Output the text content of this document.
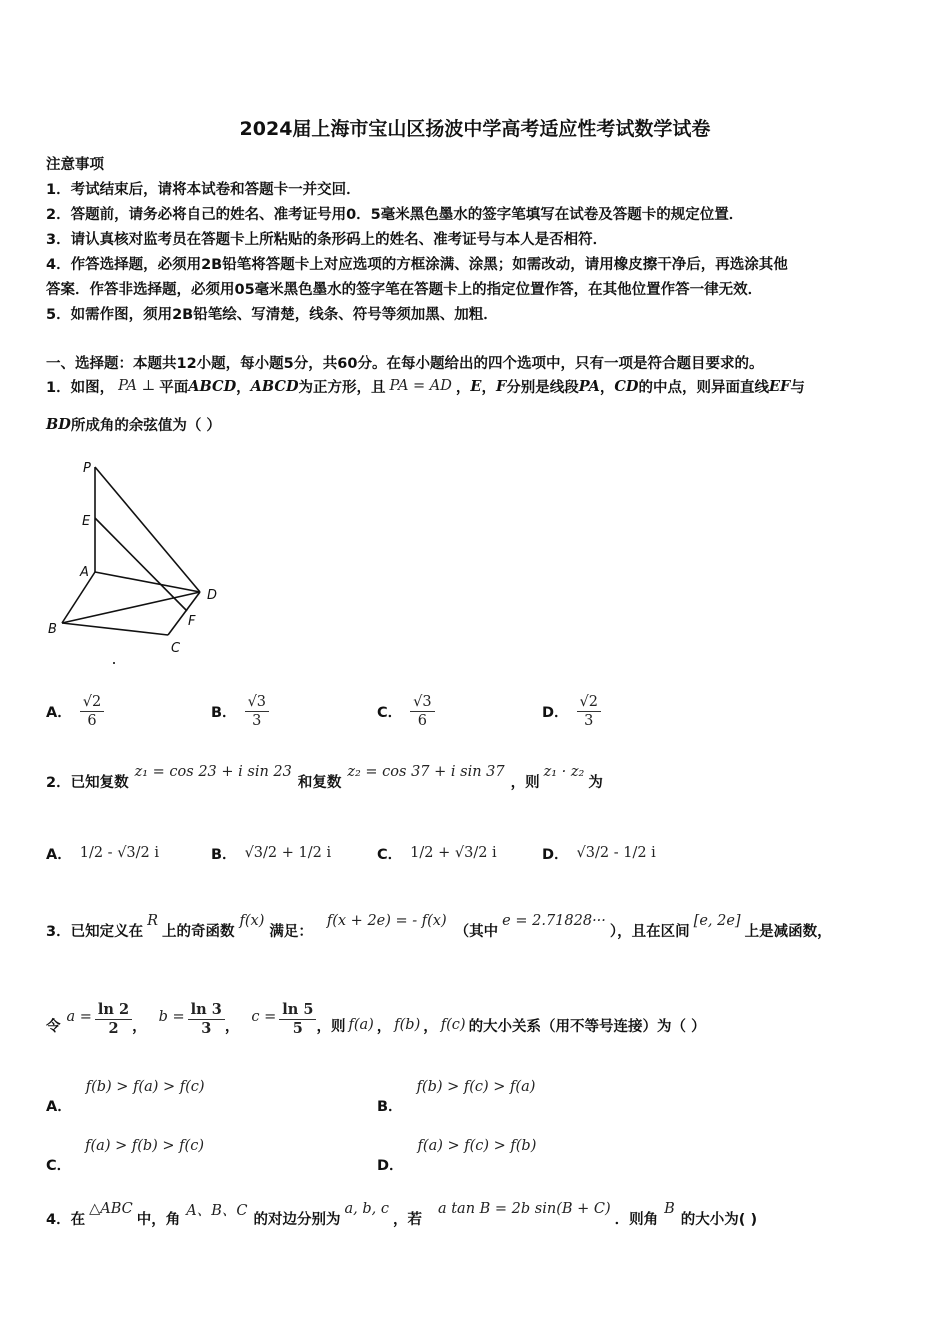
2024届上海市宝山区扬波中学高考适应性考试数学试卷
注意事项
1．考试结束后，请将本试卷和答题卡一并交回．
2．答题前，请务必将自己的姓名、准考证号用0．5毫米黑色墨水的签字笔填写在试卷及答题卡的规定位置．
3．请认真核对监考员在答题卡上所粘贴的条形码上的姓名、准考证号与本人是否相符．
4．作答选择题，必须用2B铅笔将答题卡上对应选项的方框涂满、涂黑；如需改动，请用橡皮擦干净后，再选涂其他
答案．作答非选择题，必须用05毫米黑色墨水的签字笔在答题卡上的指定位置作答，在其他位置作答一律无效．
5．如需作图，须用2B铅笔绘、写清楚，线条、符号等须加黑、加粗．
一、选择题：本题共12小题，每小题5分，共60分。在每小题给出的四个选项中，只有一项是符合题目要求的。
1．如图， PA ⊥ 平面 ABCD ， ABCD 为正方形，且 PA = AD ， E ， F 分别是线段 PA ， CD 的中点，则异面直线 EF 与
BD 所成角的余弦值为（ ）
P
E
A
D
B
F
C
A． $\frac{√2}{6}$	B． $\frac{√3}{3}$	C． $\frac{√3}{6}$	D． $\frac{√2}{3}$
2．已知复数
z₁ = cos 23 + i sin 23
和复数
z₂ = cos 37 + i sin 37
，则
z₁ · z₂
为
A． 1/2 - √3/2 i	B． √3/2 + 1/2 i	C． 1/2 + √3/2 i	D． √3/2 - 1/2 i
3．已知定义在
R
上的奇函数
f(x)
满足：
f(x + 2e) = - f(x)
（其中
e = 2.71828···
），且在区间
[e, 2e]
上是减函数，
令
$a = \frac{\ln 2}{2}$ ，
$b = \frac{\ln 3}{3}$ ，
$c = \frac{\ln 5}{5}$ ，则 f(a) ， f(b) ， f(c) 的大小关系（用不等号连接）为（ ）
A．
f(b) > f(a) > f(c)
B．
f(b) > f(c) > f(a)
C．
f(a) > f(b) > f(c)
D．
f(a) > f(c) > f(b)
4．在
△ABC
中，角
A、B、C
的对边分别为
a, b, c
，若
a tan B = 2b sin(B + C)
．则角
B
的大小为( )
